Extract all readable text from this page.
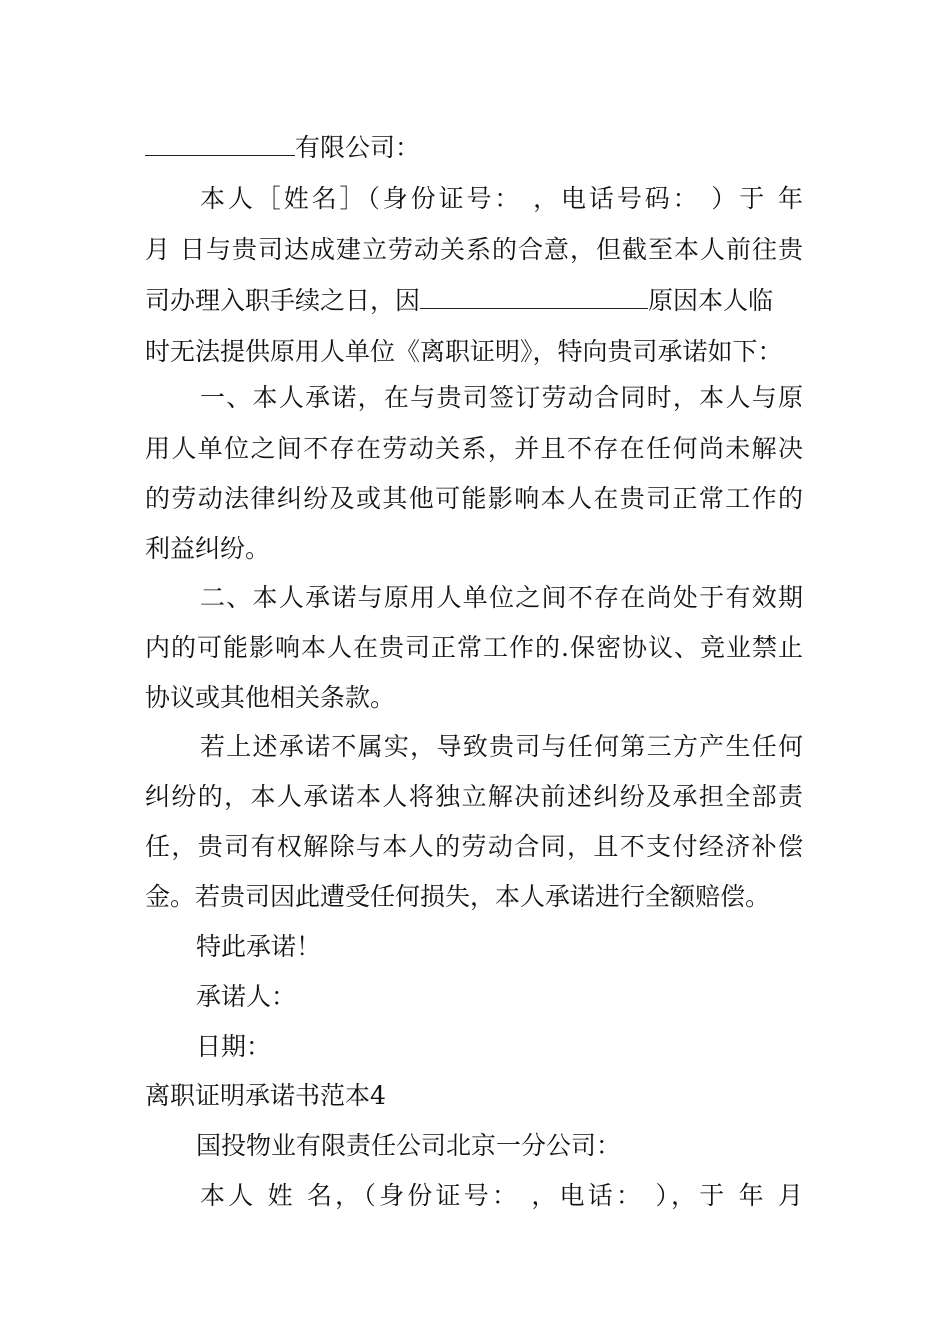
有限公司：
本人［姓名］（身份证号： ，电话号码： ）于 年
月 日与贵司达成建立劳动关系的合意，但截至本人前往贵
司办理入职手续之日，因	原因本人临
时无法提供原用人单位《离职证明》，特向贵司承诺如下：
一、本人承诺，在与贵司签订劳动合同时，本人与原
用人单位之间不存在劳动关系，并且不存在任何尚未解决
的劳动法律纠纷及或其他可能影响本人在贵司正常工作的
利益纠纷。
二、本人承诺与原用人单位之间不存在尚处于有效期
内的可能影响本人在贵司正常工作的.保密协议、竞业禁止
协议或其他相关条款。
若上述承诺不属实，导致贵司与任何第三方产生任何
纠纷的，本人承诺本人将独立解决前述纠纷及承担全部责
任，贵司有权解除与本人的劳动合同，且不支付经济补偿
金。若贵司因此遭受任何损失，本人承诺进行全额赔偿。
特此承诺！
承诺人：
日期：
离职证明承诺书范本4
国投物业有限责任公司北京一分公司：
本人 姓 名，（身份证号： ，电话： ），于 年 月
